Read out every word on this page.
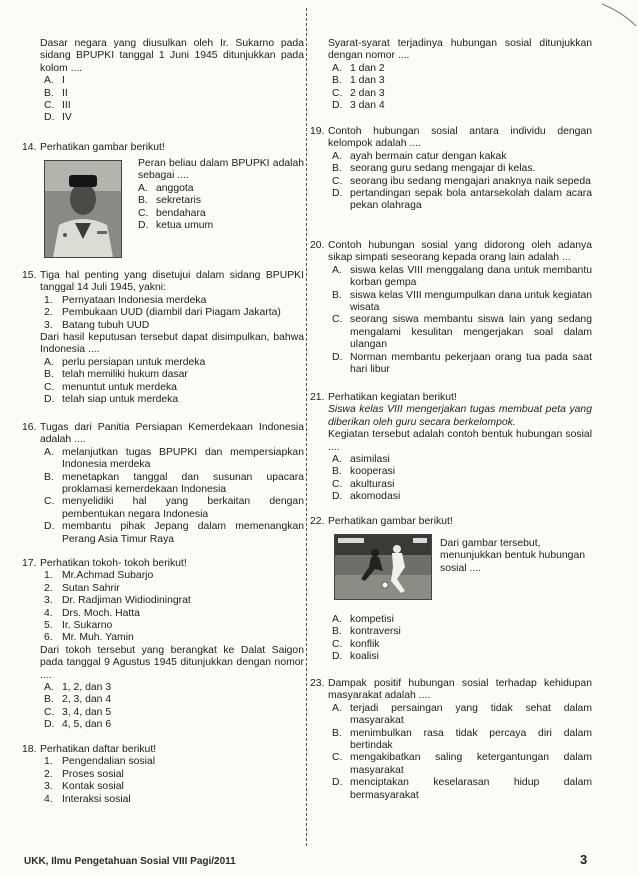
Dasar negara yang diusulkan oleh Ir. Sukarno pada sidang BPUPKI tanggal 1 Juni 1945 ditunjukkan pada kolom ....
A. I
B. II
C. III
D. IV
14. Perhatikan gambar berikut!
Peran beliau dalam BPUPKI adalah sebagai ....
A. anggota
B. sekretaris
C. bendahara
D. ketua umum
15. Tiga hal penting yang disetujui dalam sidang BPUPKI tanggal 14 Juli 1945, yakni:
1. Pernyataan Indonesia merdeka
2. Pembukaan UUD (diambil dari Piagam Jakarta)
3. Batang tubuh UUD
Dari hasil keputusan tersebut dapat disimpulkan, bahwa Indonesia ....
A. perlu persiapan untuk merdeka
B. telah memiliki hukum dasar
C. menuntut untuk merdeka
D. telah siap untuk merdeka
16. Tugas dari Panitia Persiapan Kemerdekaan Indonesia adalah ....
A. melanjutkan tugas BPUPKI dan mempersiapkan Indonesia merdeka
B. menetapkan tanggal dan susunan upacara proklamasi kemerdekaan Indonesia
C. menyelidiki hal yang berkaitan dengan pembentukan negara Indonesia
D. membantu pihak Jepang dalam memenangkan Perang Asia Timur Raya
17. Perhatikan tokoh- tokoh berikut!
1. Mr.Achmad Subarjo
2. Sutan Sahrir
3. Dr. Radjiman Widiodiningrat
4. Drs. Moch. Hatta
5. Ir. Sukarno
6. Mr. Muh. Yamin
Dari tokoh tersebut yang berangkat ke Dalat Saigon pada tanggal 9 Agustus 1945 ditunjukkan dengan nomor ....
A. 1, 2, dan 3
B. 2, 3, dan 4
C. 3, 4, dan 5
D. 4, 5, dan 6
18. Perhatikan daftar berikut!
1. Pengendalian sosial
2. Proses sosial
3. Kontak sosial
4. Interaksi sosial
Syarat-syarat terjadinya hubungan sosial ditunjukkan dengan nomor ....
A. 1 dan 2
B. 1 dan 3
C. 2 dan 3
D. 3 dan 4
19. Contoh hubungan sosial antara individu dengan kelompok adalah ....
A. ayah bermain catur dengan kakak
B. seorang guru sedang mengajar di kelas.
C. seorang ibu sedang mengajari anaknya naik sepeda
D. pertandingan sepak bola antarsekolah dalam acara pekan olahraga
20. Contoh hubungan sosial yang didorong oleh adanya sikap simpati seseorang kepada orang lain adalah ...
A. siswa kelas VIII menggalang dana untuk membantu korban gempa
B. siswa kelas VIII mengumpulkan dana untuk kegiatan wisata
C. seorang siswa membantu siswa lain yang sedang mengalami kesulitan mengerjakan soal dalam ulangan
D. Norman membantu pekerjaan orang tua pada saat hari libur
21. Perhatikan kegiatan berikut!
Siswa kelas VIII mengerjakan tugas membuat peta yang diberikan oleh guru secara berkelompok.
Kegiatan tersebut adalah contoh bentuk hubungan sosial ....
A. asimilasi
B. kooperasi
C. akulturasi
D. akomodasi
22. Perhatikan gambar berikut!
Dari gambar tersebut, menunjukkan bentuk hubungan sosial ....
A. kompetisi
B. kontraversi
C. konflik
D. koalisi
23. Dampak positif hubungan sosial terhadap kehidupan masyarakat adalah ....
A. terjadi persaingan yang tidak sehat dalam masyarakat
B. menimbulkan rasa tidak percaya diri dalam bertindak
C. mengakibatkan saling ketergantungan dalam masyarakat
D. menciptakan keselarasan hidup dalam bermasyarakat
UKK, Ilmu Pengetahuan Sosial VIII Pagi/2011	3
